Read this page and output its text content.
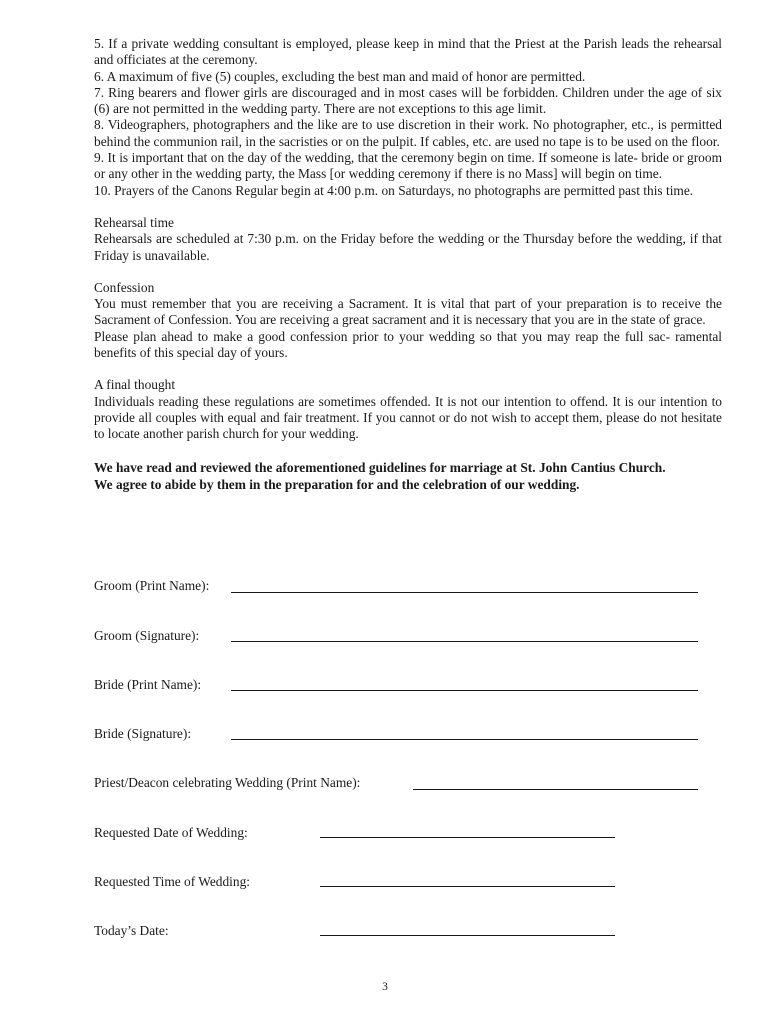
5. If a private wedding consultant is employed, please keep in mind that the Priest at the Parish leads the rehearsal and officiates at the ceremony.

6. A maximum of five (5) couples, excluding the best man and maid of honor are permitted.

7. Ring bearers and flower girls are discouraged and in most cases will be forbidden. Children under the age of six (6) are not permitted in the wedding party. There are not exceptions to this age limit.

8. Videographers, photographers and the like are to use discretion in their work. No photographer, etc., is permitted behind the communion rail, in the sacristies or on the pulpit. If cables, etc. are used no tape is to be used on the floor.

9. It is important that on the day of the wedding, that the ceremony begin on time. If someone is late- bride or groom or any other in the wedding party, the Mass [or wedding ceremony if there is no Mass] will begin on time.

10. Prayers of the Canons Regular begin at 4:00 p.m. on Saturdays, no photographs are permitted past this time.

Rehearsal time

Rehearsals are scheduled at 7:30 p.m. on the Friday before the wedding or the Thursday before the wedding, if that Friday is unavailable.

Confession

You must remember that you are receiving a Sacrament. It is vital that part of your preparation is to receive the Sacrament of Confession. You are receiving a great sacrament and it is necessary that you are in the state of grace.

Please plan ahead to make a good confession prior to your wedding so that you may reap the full sac- ramental benefits of this special day of yours.

A final thought

Individuals reading these regulations are sometimes offended. It is not our intention to offend. It is our intention to provide all couples with equal and fair treatment. If you cannot or do not wish to accept them, please do not hesitate to locate another parish church for your wedding.

We have read and reviewed the aforementioned guidelines for marriage at St. John Cantius Church.

We agree to abide by them in the preparation for and the celebration of our wedding.

Groom (Print Name):
Groom (Signature):
Bride (Print Name):
Bride (Signature):
Priest/Deacon celebrating Wedding (Print Name):
Requested Date of Wedding:
Requested Time of Wedding:
Today’s Date:
3
